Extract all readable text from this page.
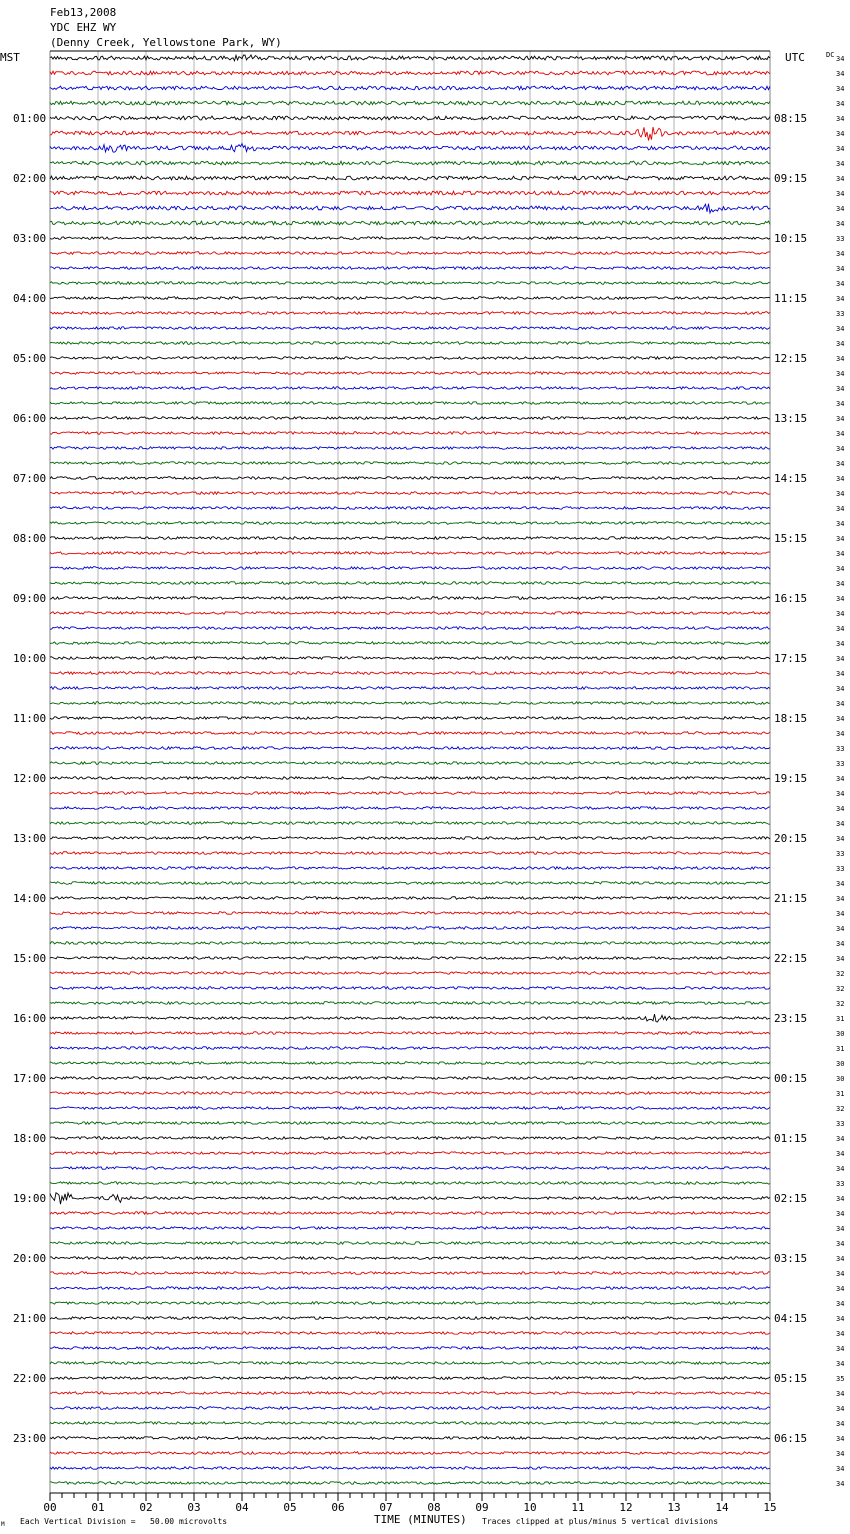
Feb13,2008
YDC EHZ WY
(Denny Creek, Yellowstone Park, WY)
MST	UTC	DC
01:00
02:00
03:00
04:00
05:00
06:00
07:00
08:00
09:00
10:00
11:00
12:00
13:00
14:00
15:00
16:00
17:00
18:00
19:00
20:00
21:00
22:00
23:00
08:15
09:15
10:15
11:15
12:15
13:15
14:15
15:15
16:15
17:15
18:15
19:15
20:15
21:15
22:15
23:15
00:15
01:15
02:15
03:15
04:15
05:15
06:15
34
34
34
34
34
34
34
34
34
34
34
34
33
34
34
34
34
33
34
34
34
34
34
34
34
34
34
34
34
34
34
34
34
34
34
34
34
34
34
34
34
34
34
34
34
34
33
33
34
34
34
34
34
33
33
34
34
34
34
34
34
32
32
32
31
30
31
30
30
31
32
33
34
34
34
33
34
34
34
34
34
34
34
34
34
34
34
34
35
34
34
34
34
34
34
34
00	01	02	03	04	05	06	07	08	09	10	11	12	13	14	15
M Each Vertical Division =   50.00 microvolts	TIME (MINUTES) Traces clipped at plus/minus 5 vertical divisions
